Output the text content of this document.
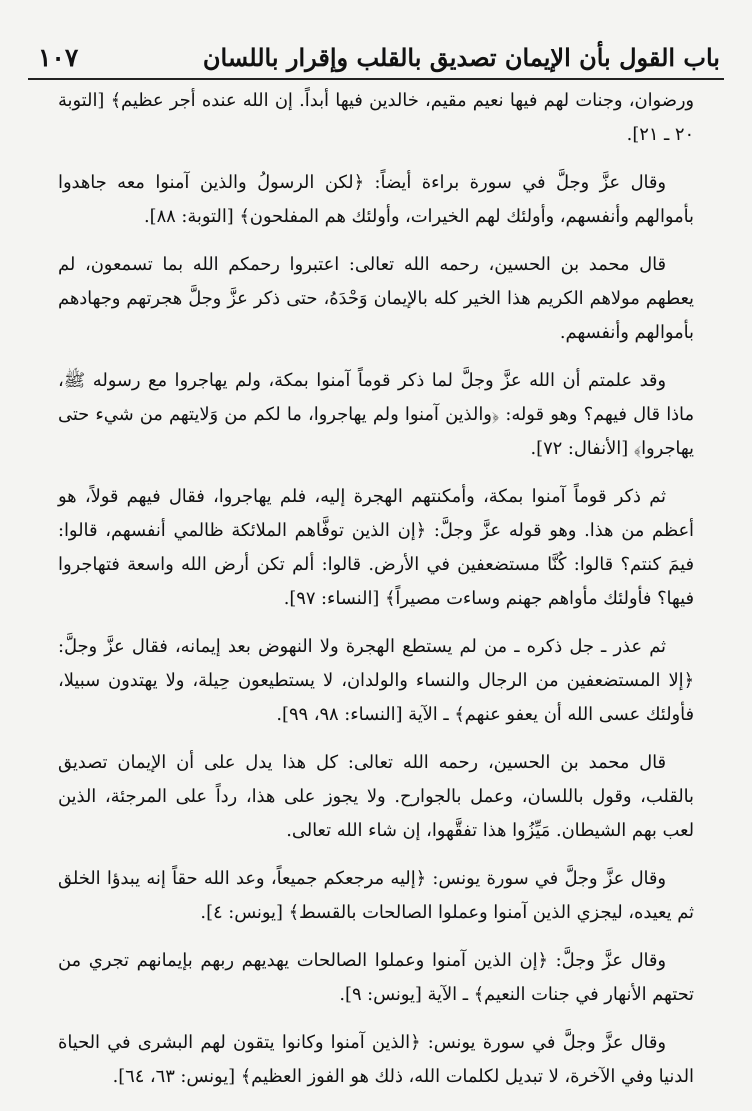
١٠٧	باب القول بأن الإيمان تصديق بالقلب وإقرار باللسان

ورضوان، وجنات لهم فيها نعيم مقيم، خالدين فيها أبداً. إن الله عنده أجر عظيم﴾ [التوبة ٢٠ ـ ٢١].

وقال عزَّ وجلَّ في سورة براءة أيضاً: ﴿لكن الرسولُ والذين آمنوا معه جاهدوا بأموالهم وأنفسهم، وأولئك لهم الخيرات، وأولئك هم المفلحون﴾ [التوبة: ٨٨].

قال محمد بن الحسين، رحمه الله تعالى: اعتبروا رحمكم الله بما تسمعون، لم يعطهم مولاهم الكريم هذا الخير كله بالإيمان وَحْدَهُ، حتى ذكر عزَّ وجلَّ هجرتهم وجهادهم بأموالهم وأنفسهم.

وقد علمتم أن الله عزَّ وجلَّ لما ذكر قوماً آمنوا بمكة، ولم يهاجروا مع رسوله ﷺ، ماذا قال فيهم؟ وهو قوله: ﴿والذين آمنوا ولم يهاجروا، ما لكم من وَلايتهم من شيء حتى يهاجروا﴾ [الأنفال: ٧٢].

ثم ذكر قوماً آمنوا بمكة، وأمكنتهم الهجرة إليه، فلم يهاجروا، فقال فيهم قولاً، هو أعظم من هذا. وهو قوله عزَّ وجلَّ: ﴿إن الذين توفَّاهم الملائكة ظالمي أنفسهم، قالوا: فيمَ كنتم؟ قالوا: كُنَّا مستضعفين في الأرض. قالوا: ألم تكن أرض الله واسعة فتهاجروا فيها؟ فأولئك مأواهم جهنم وساءت مصيراً﴾ [النساء: ٩٧].

ثم عذر ـ جل ذكره ـ من لم يستطع الهجرة ولا النهوض بعد إيمانه، فقال عزَّ وجلَّ: ﴿إلا المستضعفين من الرجال والنساء والولدان، لا يستطيعون حِيلة، ولا يهتدون سبيلا، فأولئك عسى الله أن يعفو عنهم﴾ ـ الآية [النساء: ٩٨، ٩٩].

قال محمد بن الحسين، رحمه الله تعالى: كل هذا يدل على أن الإيمان تصديق بالقلب، وقول باللسان، وعمل بالجوارح. ولا يجوز على هذا، رداً على المرجئة، الذين لعب بهم الشيطان. مَيِّزُوا هذا تفقَّهوا، إن شاء الله تعالى.

وقال عزَّ وجلَّ في سورة يونس: ﴿إليه مرجعكم جميعاً، وعد الله حقاً إنه يبدؤا الخلق ثم يعيده، ليجزي الذين آمنوا وعملوا الصالحات بالقسط﴾ [يونس: ٤].

وقال عزَّ وجلَّ: ﴿إن الذين آمنوا وعملوا الصالحات يهديهم ربهم بإيمانهم تجري من تحتهم الأنهار في جنات النعيم﴾ ـ الآية [يونس: ٩].

وقال عزَّ وجلَّ في سورة يونس: ﴿الذين آمنوا وكانوا يتقون لهم البشرى في الحياة الدنيا وفي الآخرة، لا تبديل لكلمات الله، ذلك هو الفوز العظيم﴾ [يونس: ٦٣، ٦٤].
